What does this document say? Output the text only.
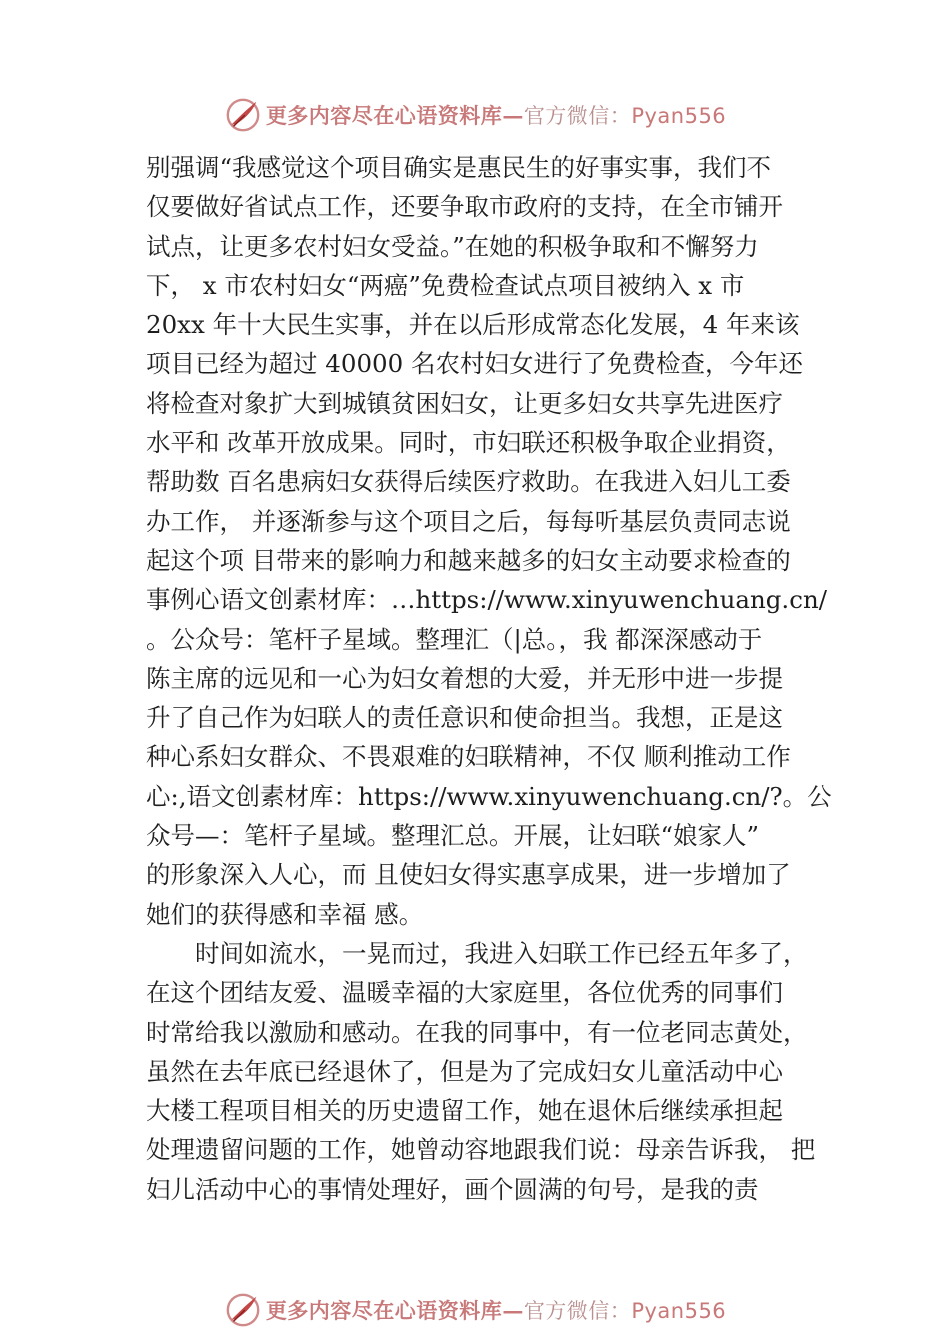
更多内容尽在心语资料库—官方微信：Pyan556
别强调“我感觉这个项目确实是惠民生的好事实事，我们不
仅要做好省试点工作，还要争取市政府的支持，在全市铺开
试点，让更多农村妇女受益。”在她的积极争取和不懈努力
下， x 市农村妇女“两癌”免费检查试点项目被纳入 x 市
20xx 年十大民生实事，并在以后形成常态化发展，4 年来该
项目已经为超过 40000 名农村妇女进行了免费检查，今年还
将检查对象扩大到城镇贫困妇女，让更多妇女共享先进医疗
水平和 改革开放成果。同时，市妇联还积极争取企业捐资，
帮助数 百名患病妇女获得后续医疗救助。在我进入妇儿工委
办工作， 并逐渐参与这个项目之后，每每听基层负责同志说
起这个项 目带来的影响力和越来越多的妇女主动要求检查的
事例心语文创素材库：…https://www.xinyuwenchuang.cn/
。公众号：笔杆子星域。整理汇（|总。，我 都深深感动于
陈主席的远见和一心为妇女着想的大爱，并无形中进一步提
升了自己作为妇联人的责任意识和使命担当。我想，正是这
种心系妇女群众、不畏艰难的妇联精神，不仅 顺利推动工作
心:,语文创素材库：https://www.xinyuwenchuang.cn/?。公
众号—：笔杆子星域。整理汇总。开展，让妇联“娘家人”
的形象深入人心，而 且使妇女得实惠享成果，进一步增加了
她们的获得感和幸福 感。
　　时间如流水，一晃而过，我进入妇联工作已经五年多了，
在这个团结友爱、温暖幸福的大家庭里，各位优秀的同事们
时常给我以激励和感动。在我的同事中，有一位老同志黄处，
虽然在去年底已经退休了，但是为了完成妇女儿童活动中心
大楼工程项目相关的历史遗留工作，她在退休后继续承担起
处理遗留问题的工作，她曾动容地跟我们说：母亲告诉我， 把
妇儿活动中心的事情处理好，画个圆满的句号，是我的责
更多内容尽在心语资料库—官方微信：Pyan556
